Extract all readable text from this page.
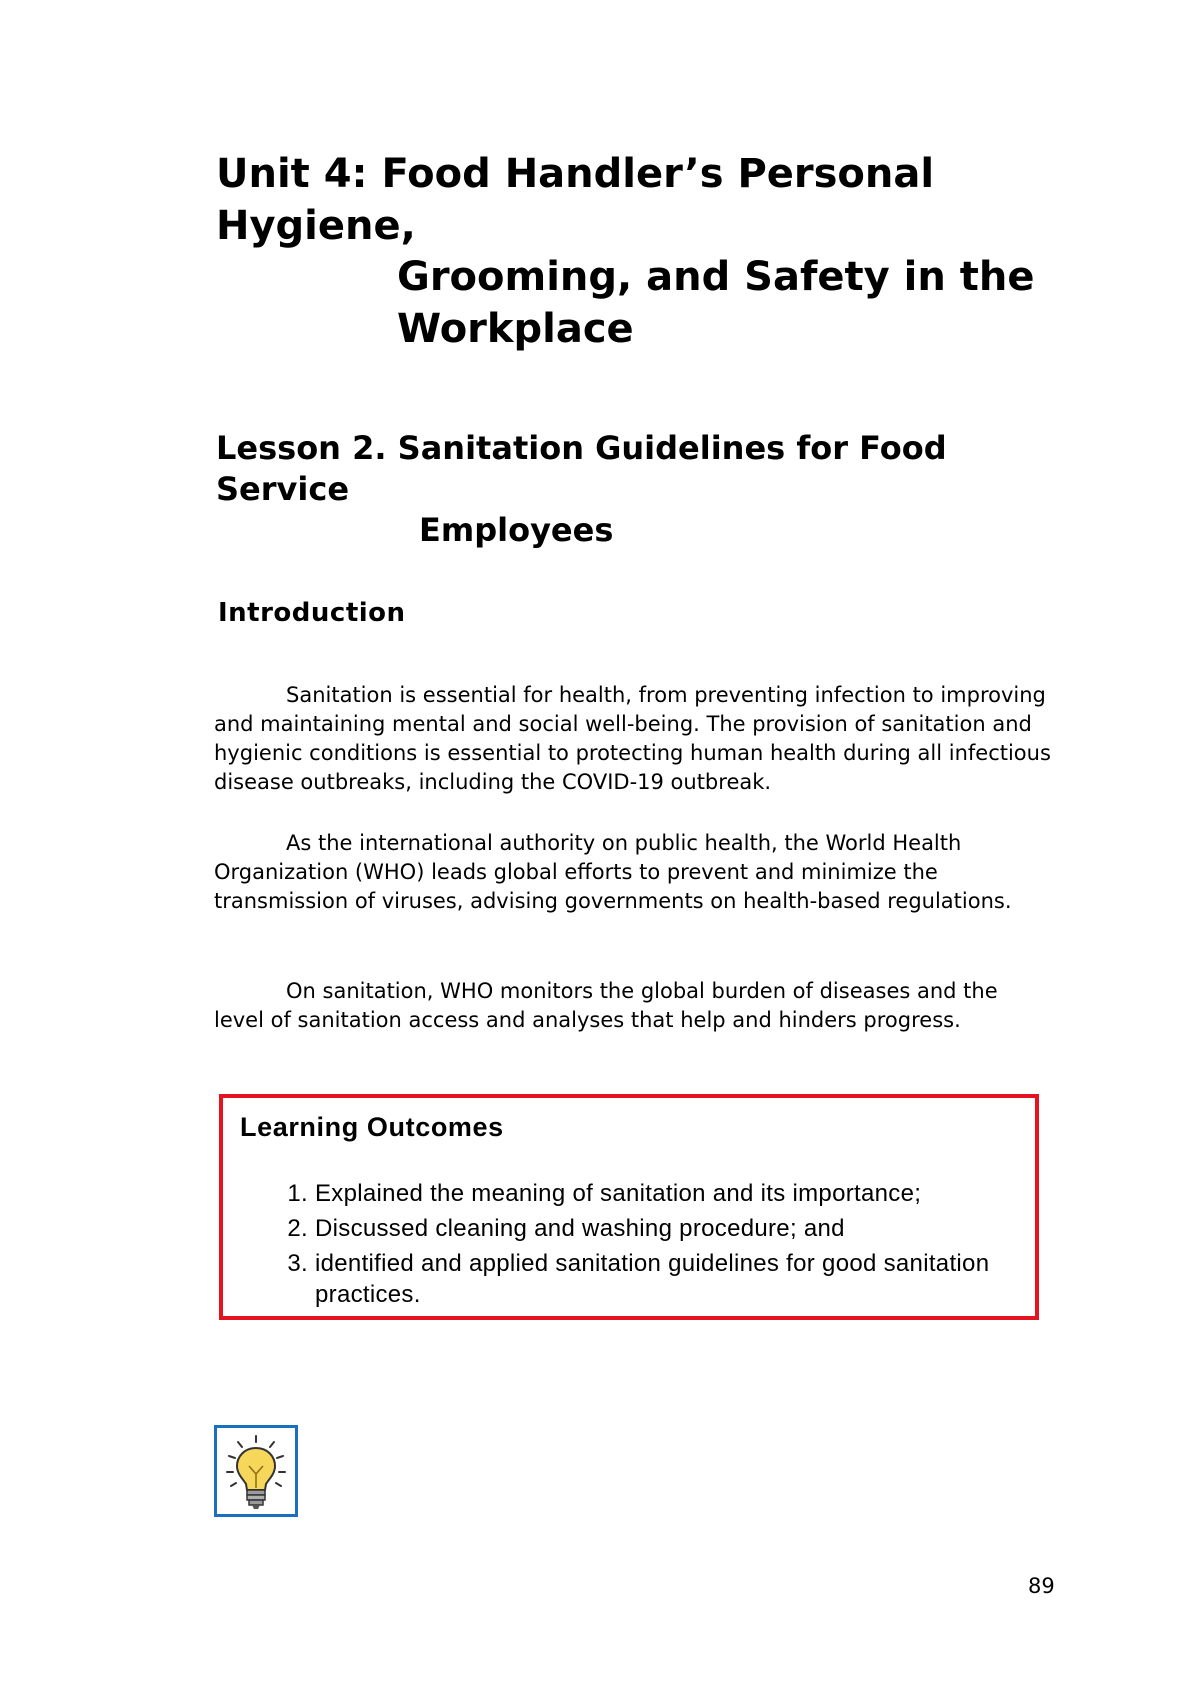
Unit 4: Food Handler’s Personal
Hygiene,
Grooming, and Safety in the
Workplace
Lesson 2. Sanitation Guidelines for Food
Service
Employees
Introduction

Sanitation is essential for health, from preventing infection to improving and maintaining mental and social well-being. The provision of sanitation and hygienic conditions is essential to protecting human health during all infectious disease outbreaks, including the COVID-19 outbreak.

As the international authority on public health, the World Health Organization (WHO) leads global efforts to prevent and minimize the transmission of viruses, advising governments on health-based regulations.

On sanitation, WHO monitors the global burden of diseases and the level of sanitation access and analyses that help and hinders progress.

Learning Outcomes
1. Explained the meaning of sanitation and its importance;
2. Discussed cleaning and washing procedure; and
3. identified and applied sanitation guidelines for good sanitation practices.
89
